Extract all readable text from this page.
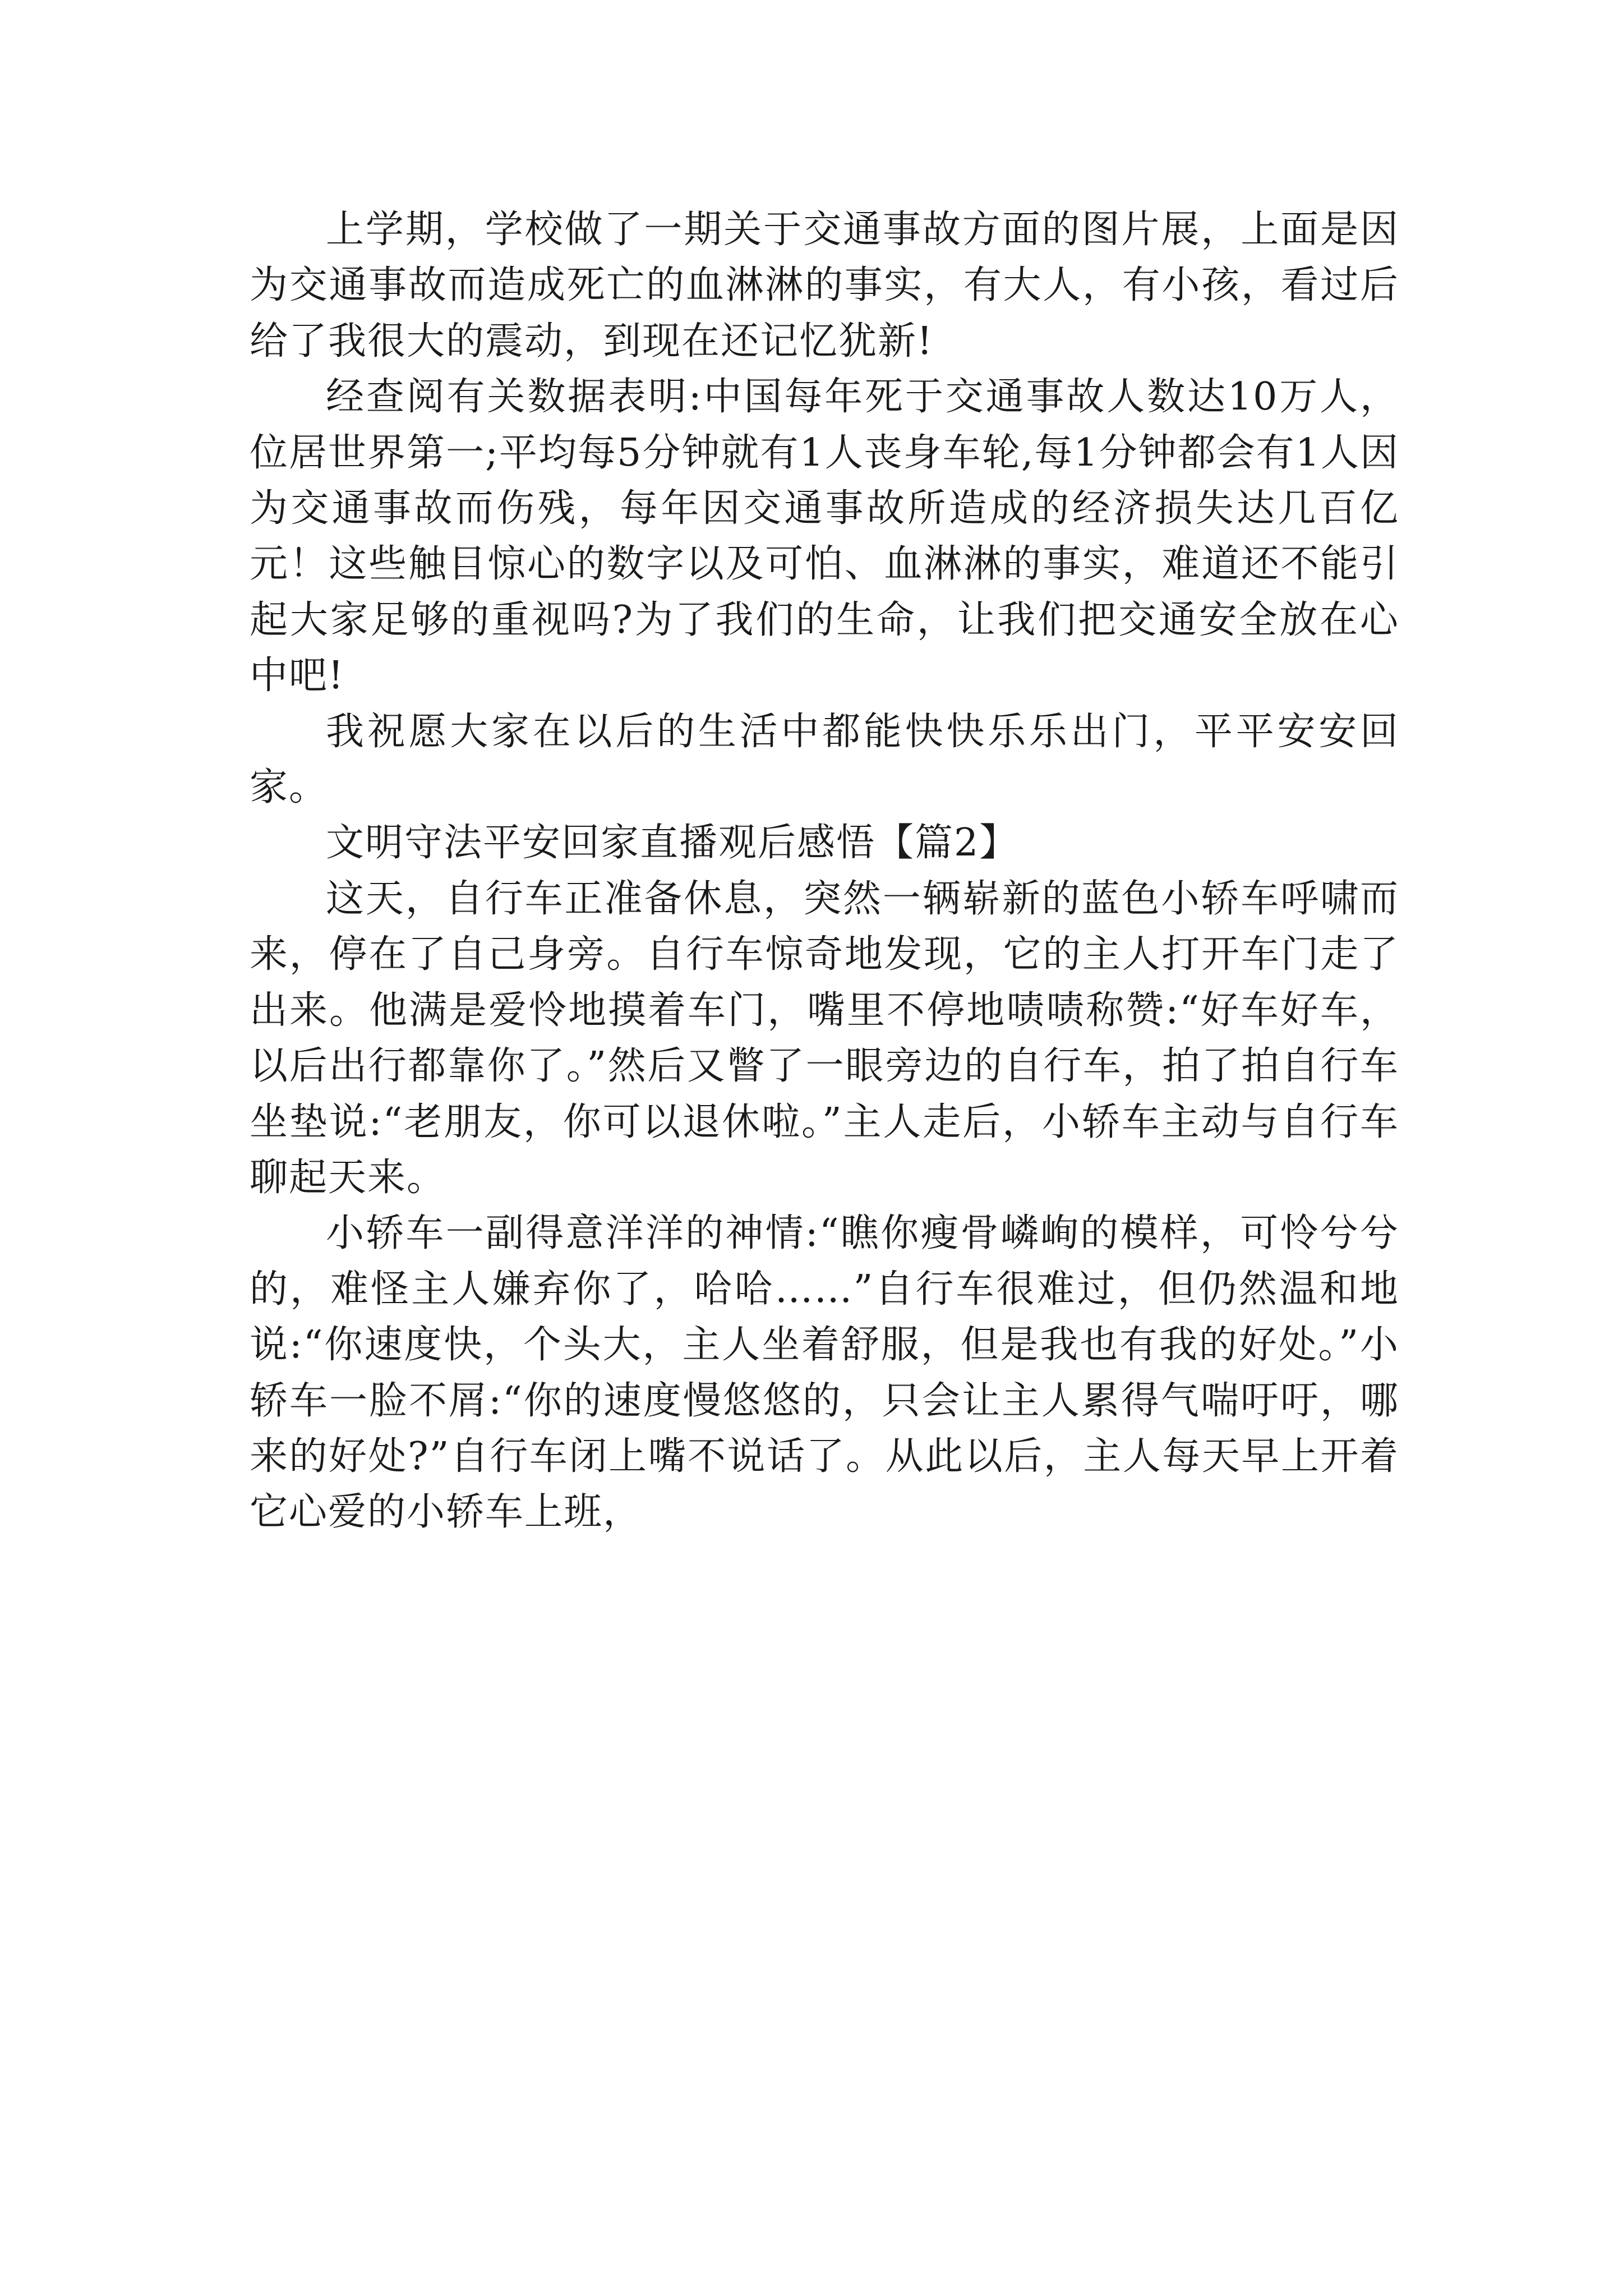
上学期，学校做了一期关于交通事故方面的图片展，上面是因为交通事故而造成死亡的血淋淋的事实，有大人，有小孩，看过后给了我很大的震动，到现在还记忆犹新!

经查阅有关数据表明:中国每年死于交通事故人数达10万人，位居世界第一;平均每5分钟就有1人丧身车轮,每1分钟都会有1人因为交通事故而伤残，每年因交通事故所造成的经济损失达几百亿元！这些触目惊心的数字以及可怕、血淋淋的事实，难道还不能引起大家足够的重视吗?为了我们的生命，让我们把交通安全放在心中吧!

我祝愿大家在以后的生活中都能快快乐乐出门，平平安安回家。

文明守法平安回家直播观后感悟【篇2】

这天，自行车正准备休息，突然一辆崭新的蓝色小轿车呼啸而来，停在了自己身旁。自行车惊奇地发现，它的主人打开车门走了出来。他满是爱怜地摸着车门，嘴里不停地啧啧称赞:“好车好车，以后出行都靠你了。”然后又瞥了一眼旁边的自行车，拍了拍自行车坐垫说:“老朋友，你可以退休啦。”主人走后，小轿车主动与自行车聊起天来。

小轿车一副得意洋洋的神情:“瞧你瘦骨嶙峋的模样，可怜兮兮的，难怪主人嫌弃你了，哈哈……”自行车很难过，但仍然温和地说:“你速度快，个头大，主人坐着舒服，但是我也有我的好处。”小轿车一脸不屑:“你的速度慢悠悠的，只会让主人累得气喘吁吁，哪来的好处?”自行车闭上嘴不说话了。从此以后，主人每天早上开着它心爱的小轿车上班，
